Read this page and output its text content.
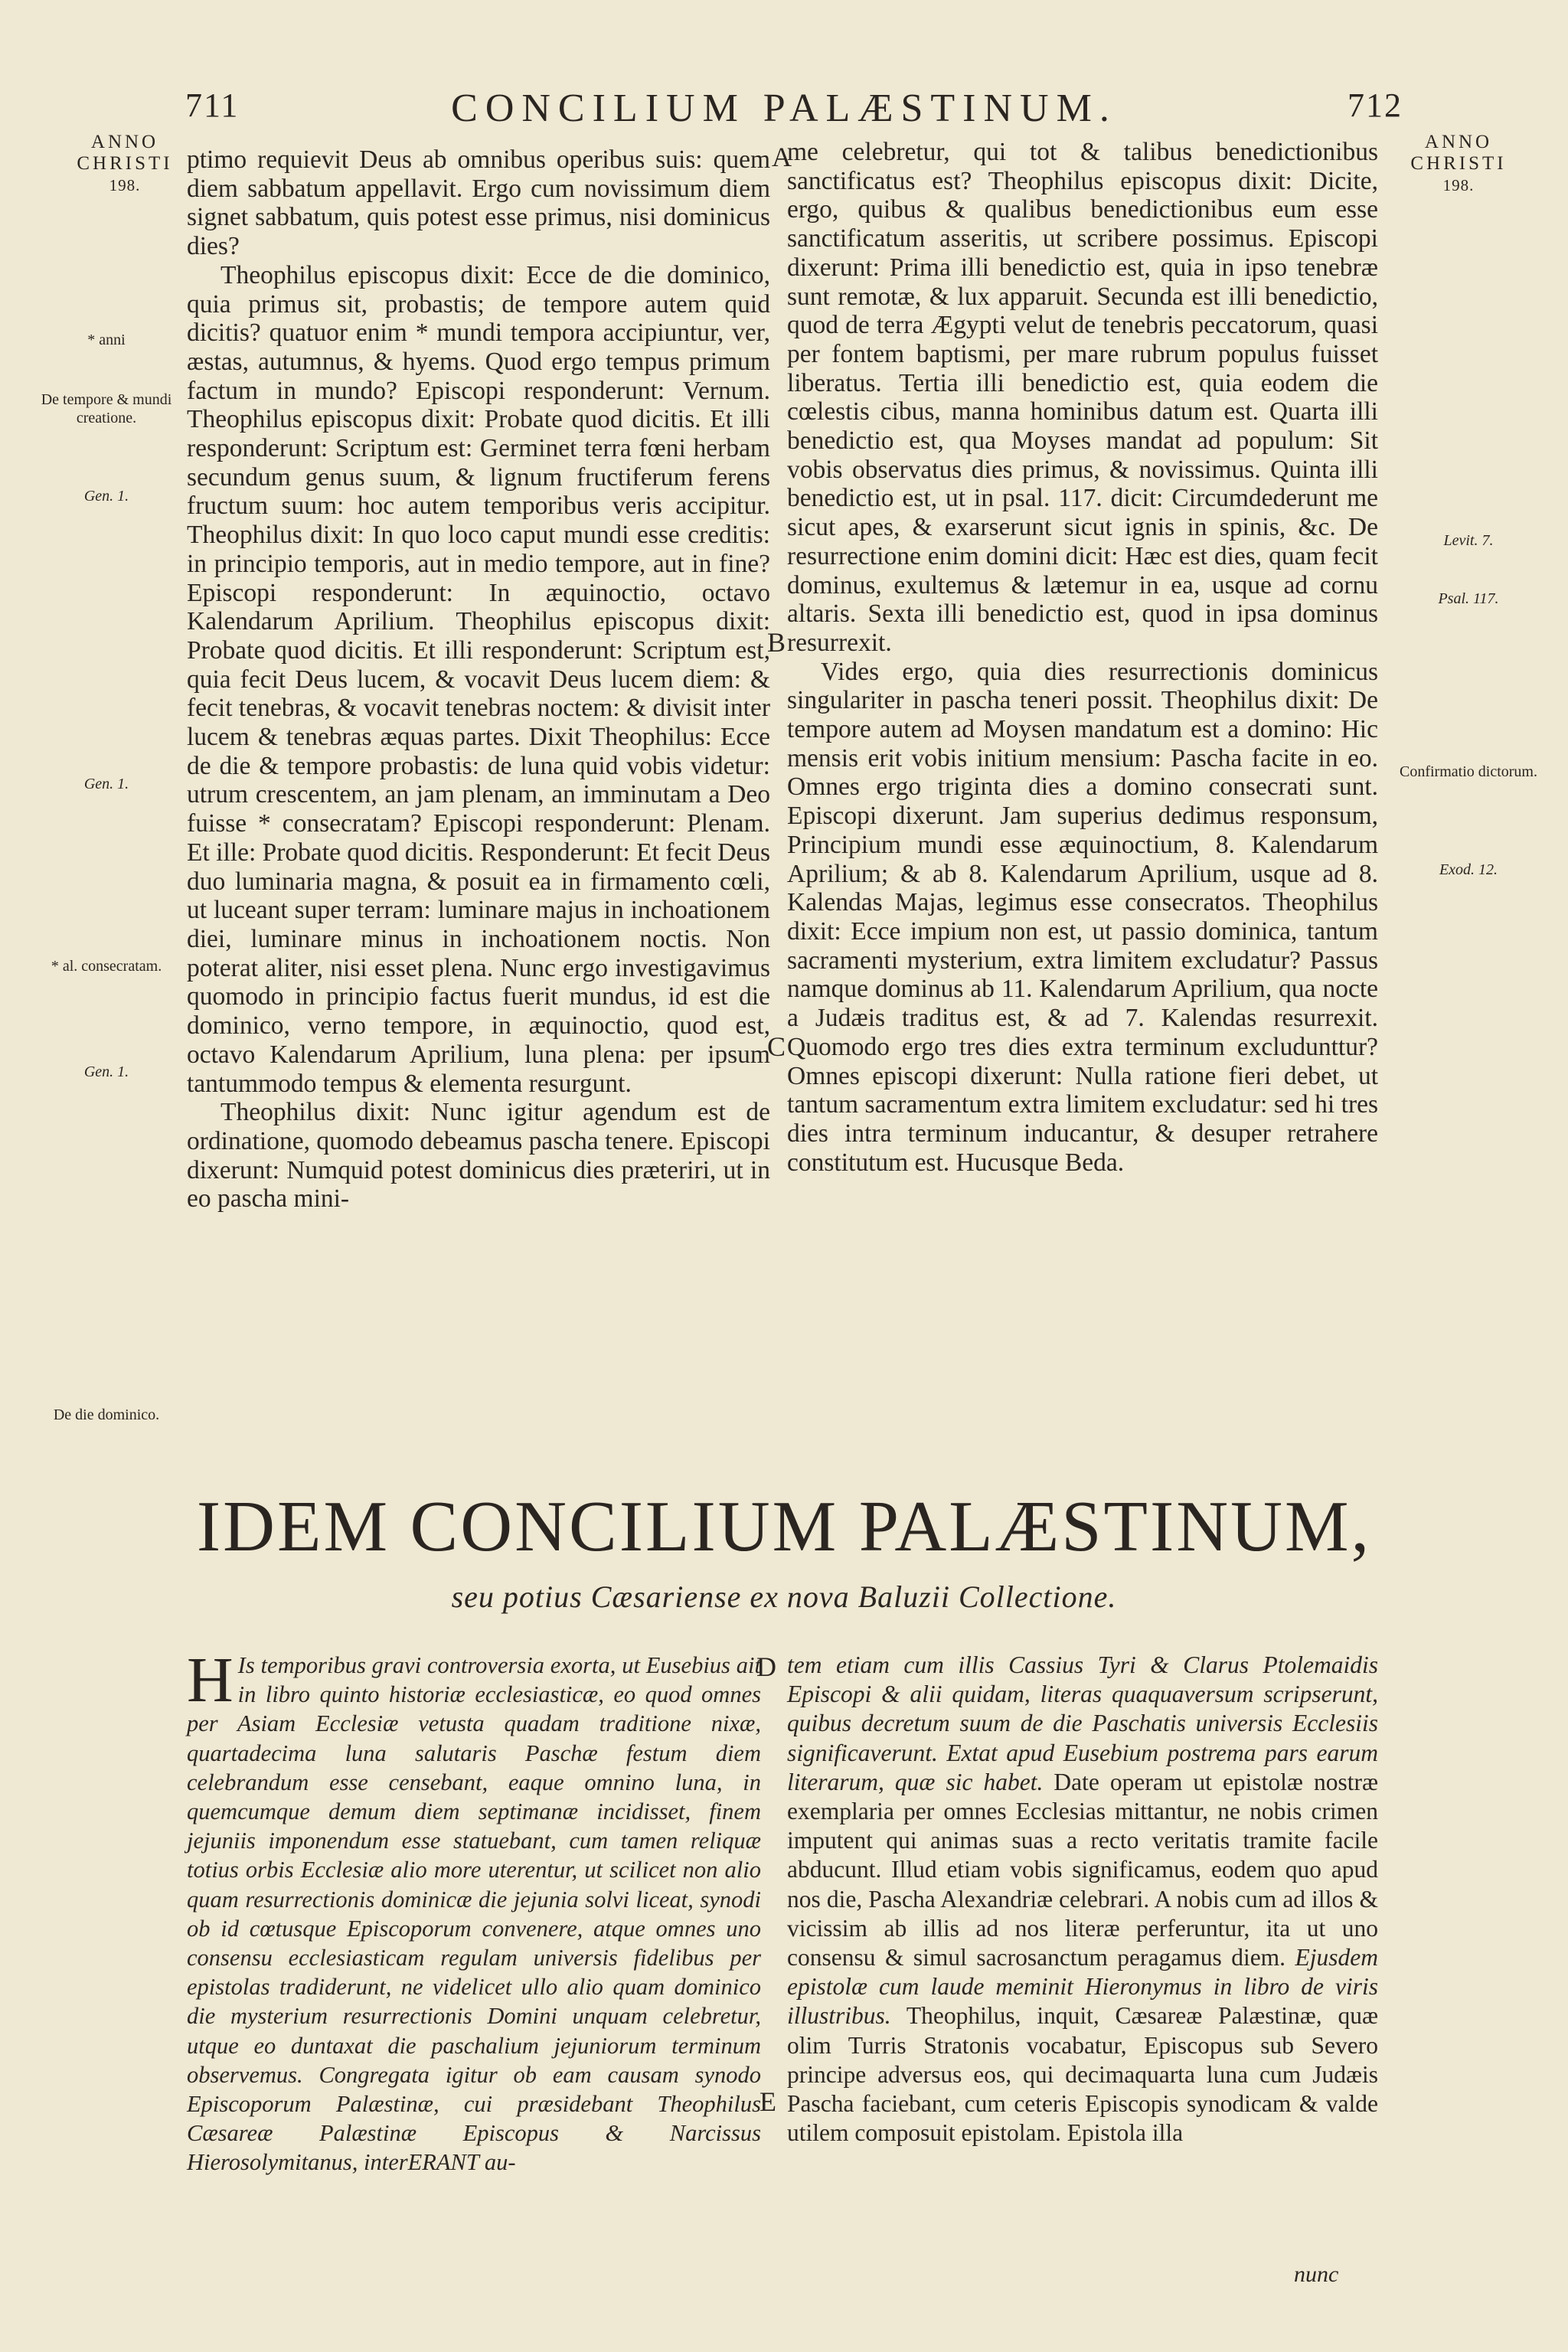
711	CONCILIUM PALÆSTINUM.	712
ANNO
CHRISTI
198.
ANNO
CHRISTI
198.
* anni
De tempore & mundi creatione.
Gen. 1.
Gen. 1.
* al. consecratam.
Gen. 1.
De die dominico.
Levit. 7.
Psal. 117.
Confirmatio dictorum.
Exod. 12.
A
B
C
D
E

ptimo requievit Deus ab omnibus operibus suis: quem diem sabbatum appellavit. Ergo cum novissimum diem signet sabbatum, quis potest esse primus, nisi dominicus dies?

Theophilus episcopus dixit: Ecce de die dominico, quia primus sit, probastis; de tempore autem quid dicitis? quatuor enim * mundi tempora accipiuntur, ver, æstas, autumnus, & hyems. Quod ergo tempus primum factum in mundo? Episcopi responderunt: Vernum. Theophilus episcopus dixit: Probate quod dicitis. Et illi responderunt: Scriptum est: Germinet terra fœni herbam secundum genus suum, & lignum fructiferum ferens fructum suum: hoc autem temporibus veris accipitur. Theophilus dixit: In quo loco caput mundi esse creditis: in principio temporis, aut in medio tempore, aut in fine? Episcopi responderunt: In æquinoctio, octavo Kalendarum Aprilium. Theophilus episcopus dixit: Probate quod dicitis. Et illi responderunt: Scriptum est, quia fecit Deus lucem, & vocavit Deus lucem diem: & fecit tenebras, & vocavit tenebras noctem: & divisit inter lucem & tenebras æquas partes. Dixit Theophilus: Ecce de die & tempore probastis: de luna quid vobis videtur: utrum crescentem, an jam plenam, an imminutam a Deo fuisse * consecratam? Episcopi responderunt: Plenam. Et ille: Probate quod dicitis. Responderunt: Et fecit Deus duo luminaria magna, & posuit ea in firmamento cœli, ut luceant super terram: luminare majus in inchoationem diei, luminare minus in inchoationem noctis. Non poterat aliter, nisi esset plena. Nunc ergo investigavimus quomodo in principio factus fuerit mundus, id est die dominico, verno tempore, in æquinoctio, quod est, octavo Kalendarum Aprilium, luna plena: per ipsum tantummodo tempus & elementa resurgunt.

Theophilus dixit: Nunc igitur agendum est de ordinatione, quomodo debeamus pascha tenere. Episcopi dixerunt: Numquid potest dominicus dies præteriri, ut in eo pascha mini-

me celebretur, qui tot & talibus benedictionibus sanctificatus est? Theophilus episcopus dixit: Dicite, ergo, quibus & qualibus benedictionibus eum esse sanctificatum asseritis, ut scribere possimus. Episcopi dixerunt: Prima illi benedictio est, quia in ipso tenebræ sunt remotæ, & lux apparuit. Secunda est illi benedictio, quod de terra Ægypti velut de tenebris peccatorum, quasi per fontem baptismi, per mare rubrum populus fuisset liberatus. Tertia illi benedictio est, quia eodem die cœlestis cibus, manna hominibus datum est. Quarta illi benedictio est, qua Moyses mandat ad populum: Sit vobis observatus dies primus, & novissimus. Quinta illi benedictio est, ut in psal. 117. dicit: Circumdederunt me sicut apes, & exarserunt sicut ignis in spinis, &c. De resurrectione enim domini dicit: Hæc est dies, quam fecit dominus, exultemus & lætemur in ea, usque ad cornu altaris. Sexta illi benedictio est, quod in ipsa dominus resurrexit.

Vides ergo, quia dies resurrectionis dominicus singulariter in pascha teneri possit. Theophilus dixit: De tempore autem ad Moysen mandatum est a domino: Hic mensis erit vobis initium mensium: Pascha facite in eo. Omnes ergo triginta dies a domino consecrati sunt. Episcopi dixerunt. Jam superius dedimus responsum, Principium mundi esse æquinoctium, 8. Kalendarum Aprilium; & ab 8. Kalendarum Aprilium, usque ad 8. Kalendas Majas, legimus esse consecratos. Theophilus dixit: Ecce impium non est, ut passio dominica, tantum sacramenti mysterium, extra limitem excludatur? Passus namque dominus ab 11. Kalendarum Aprilium, qua nocte a Judæis traditus est, & ad 7. Kalendas resurrexit. Quomodo ergo tres dies extra terminum excludunttur? Omnes episcopi dixerunt: Nulla ratione fieri debet, ut tantum sacramentum extra limitem excludatur: sed hi tres dies intra terminum inducantur, & desuper retrahere constitutum est. Hucusque Beda.

IDEM CONCILIUM PALÆSTINUM,
seu potius Cæsariense ex nova Baluzii Collectione.
H Is temporibus gravi controversia exorta, ut Eusebius ait in libro quinto historiæ ecclesiasticæ, eo quod omnes per Asiam Ecclesiæ vetusta quadam traditione nixæ, quartadecima luna salutaris Paschæ festum diem celebrandum esse censebant, eaque omnino luna, in quemcumque demum diem septimanæ incidisset, finem jejuniis imponendum esse statuebant, cum tamen reliquæ totius orbis Ecclesiæ alio more uterentur, ut scilicet non alio quam resurrectionis dominicæ die jejunia solvi liceat, synodi ob id cœtusque Episcoporum convenere, atque omnes uno consensu ecclesiasticam regulam universis fidelibus per epistolas tradiderunt, ne videlicet ullo alio quam dominico die mysterium resurrectionis Domini unquam celebretur, utque eo duntaxat die paschalium jejuniorum terminum observemus. Congregata igitur ob eam causam synodo Episcoporum Palæstinæ, cui præsidebant Theophilus Cæsareæ Palæstinæ Episcopus & Narcissus Hierosolymitanus, interERANT au-
tem etiam cum illis Cassius Tyri & Clarus Ptolemaidis Episcopi & alii quidam, literas quaquaversum scripserunt, quibus decretum suum de die Paschatis universis Ecclesiis significaverunt. Extat apud Eusebium postrema pars earum literarum, quæ sic habet. Date operam ut epistolæ nostræ exemplaria per omnes Ecclesias mittantur, ne nobis crimen imputent qui animas suas a recto veritatis tramite facile abducunt. Illud etiam vobis significamus, eodem quo apud nos die, Pascha Alexandriæ celebrari. A nobis cum ad illos & vicissim ab illis ad nos literæ perferuntur, ita ut uno consensu & simul sacrosanctum peragamus diem. Ejusdem epistolæ cum laude meminit Hieronymus in libro de viris illustribus. Theophilus, inquit, Cæsareæ Palæstinæ, quæ olim Turris Stratonis vocabatur, Episcopus sub Severo principe adversus eos, qui decimaquarta luna cum Judæis Pascha faciebant, cum ceteris Episcopis synodicam & valde utilem composuit epistolam. Epistola illa
nunc
